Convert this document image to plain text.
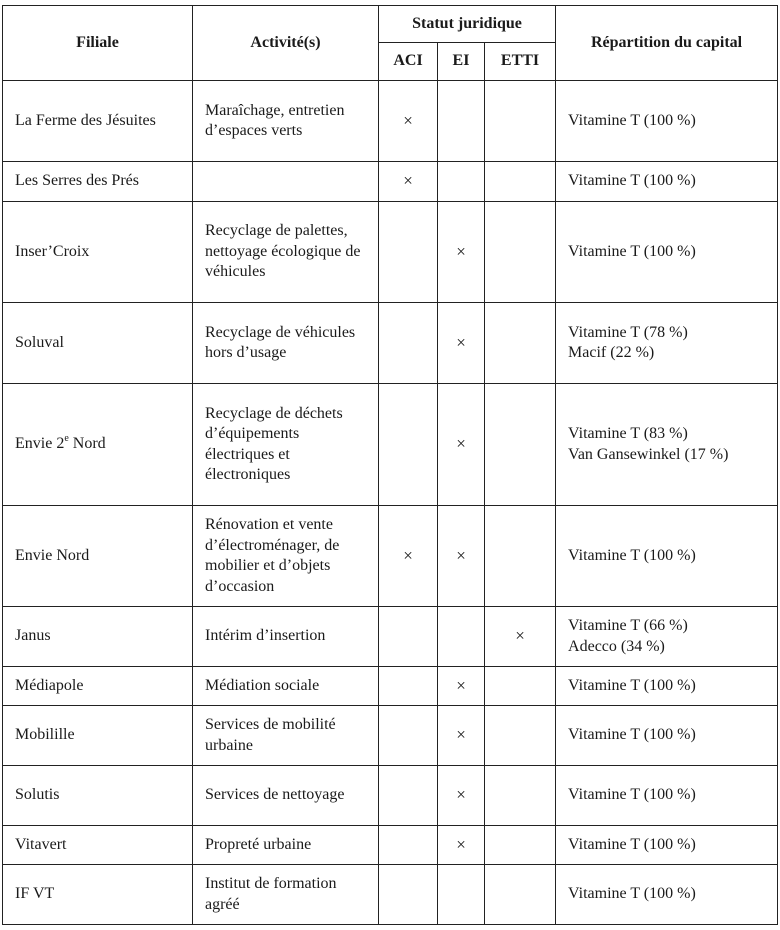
Filiale	Activité(s)	Statut juridique			Répartition du capital
		ACI	EI	ETTI	
La Ferme des Jésuites	Maraîchage, entretien d’espaces verts	×			Vitamine T (100 %)

Les Serres des Prés		×			Vitamine T (100 %)

Inser’Croix	Recyclage de palettes, nettoyage écologique de véhicules		×		Vitamine T (100 %)

Soluval	Recyclage de véhicules hors d’usage		×		Vitamine T (78 %)
Macif (22 %)

Envie 2e Nord	Recyclage de déchets d’équipements électriques et électroniques		×		Vitamine T (83 %)
Van Gansewinkel (17 %)

Envie Nord	Rénovation et vente d’électroménager, de mobilier et d’objets d’occasion	×	×		Vitamine T (100 %)

Janus	Intérim d’insertion			×	Vitamine T (66 %)
Adecco (34 %)

Médiapole	Médiation sociale		×		Vitamine T (100 %)

Mobilille	Services de mobilité urbaine		×		Vitamine T (100 %)

Solutis	Services de nettoyage		×		Vitamine T (100 %)

Vitavert	Propreté urbaine		×		Vitamine T (100 %)

IF VT	Institut de formation agréé				Vitamine T (100 %)
